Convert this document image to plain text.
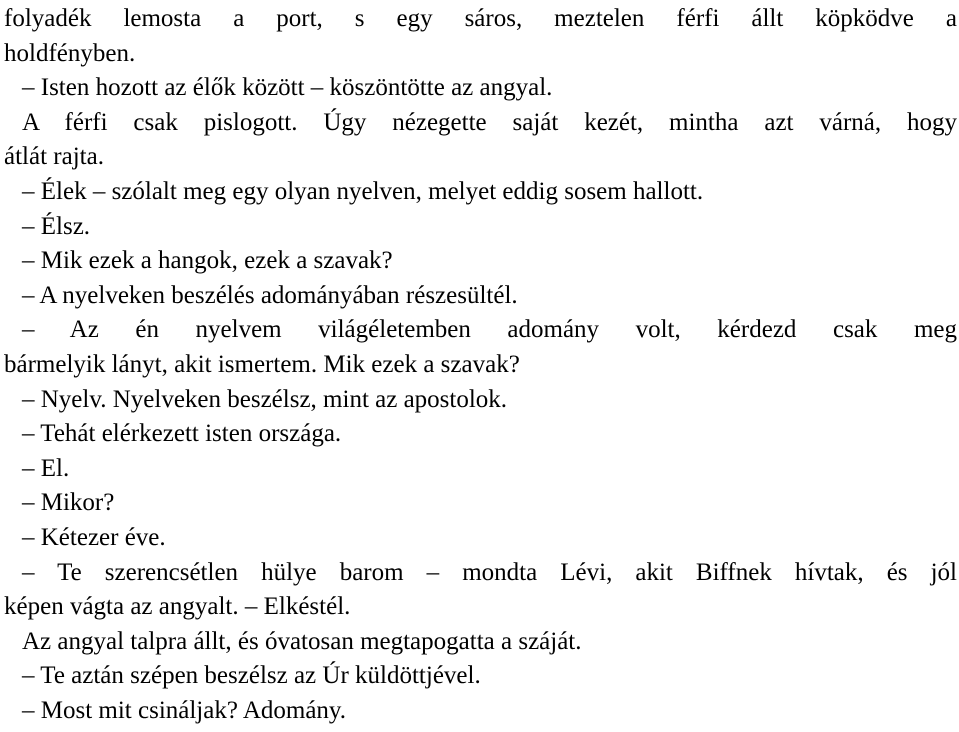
folyadék lemosta a port, s egy sáros, meztelen férfi állt köpködve a
holdfényben.
– Isten hozott az élők között – köszöntötte az angyal.
A férfi csak pislogott. Úgy nézegette saját kezét, mintha azt várná, hogy
átlát rajta.
– Élek – szólalt meg egy olyan nyelven, melyet eddig sosem hallott.
– Élsz.
– Mik ezek a hangok, ezek a szavak?
– A nyelveken beszélés adományában részesültél.
– Az én nyelvem világéletemben adomány volt, kérdezd csak meg
bármelyik lányt, akit ismertem. Mik ezek a szavak?
– Nyelv. Nyelveken beszélsz, mint az apostolok.
– Tehát elérkezett isten országa.
– El.
– Mikor?
– Kétezer éve.
– Te szerencsétlen hülye barom – mondta Lévi, akit Biffnek hívtak, és jól
képen vágta az angyalt. – Elkéstél.
Az angyal talpra állt, és óvatosan megtapogatta a száját.
– Te aztán szépen beszélsz az Úr küldöttjével.
– Most mit csináljak? Adomány.
